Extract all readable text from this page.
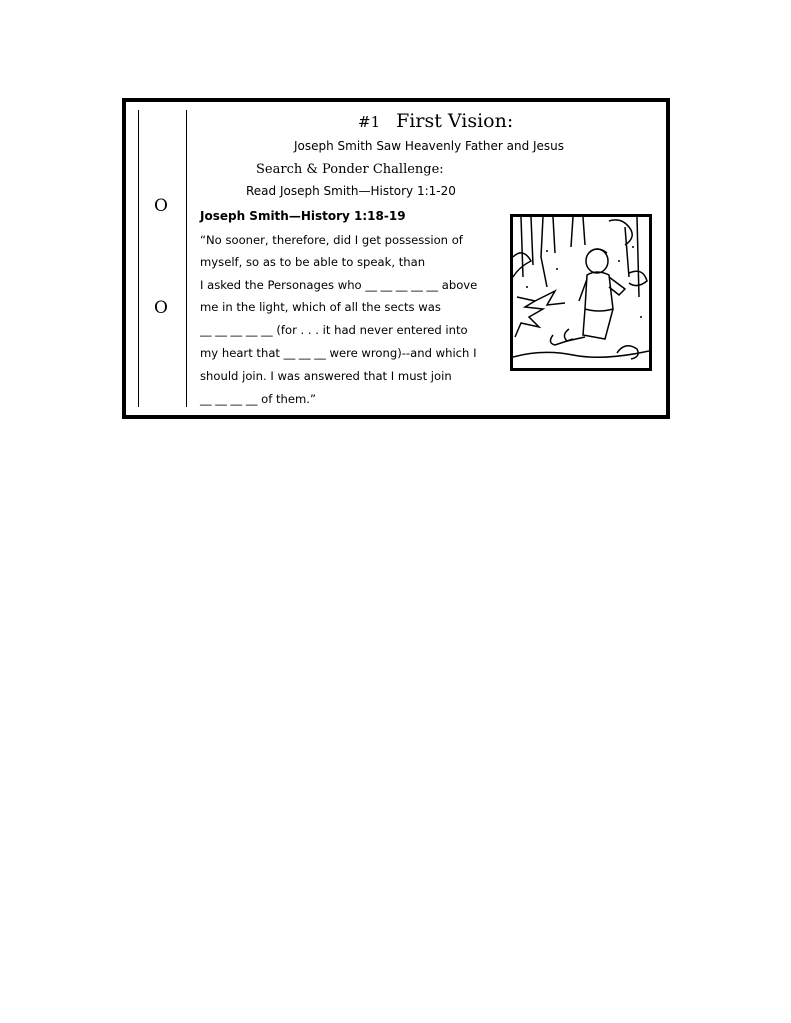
O
O
#1 First Vision:
Joseph Smith Saw Heavenly Father and Jesus
Search & Ponder Challenge:
Read Joseph Smith—History 1:1-20
Joseph Smith—History 1:18-19
“No sooner, therefore, did I get possession of
myself, so as to be able to speak, than
I asked the Personages who __ __ __ __ __ above
me in the light, which of all the sects was
__ __ __ __ __ (for . . . it had never entered into
my heart that __ __ __ were wrong)--and which I
should join. I was answered that I must join
__ __ __ __ of them.”
